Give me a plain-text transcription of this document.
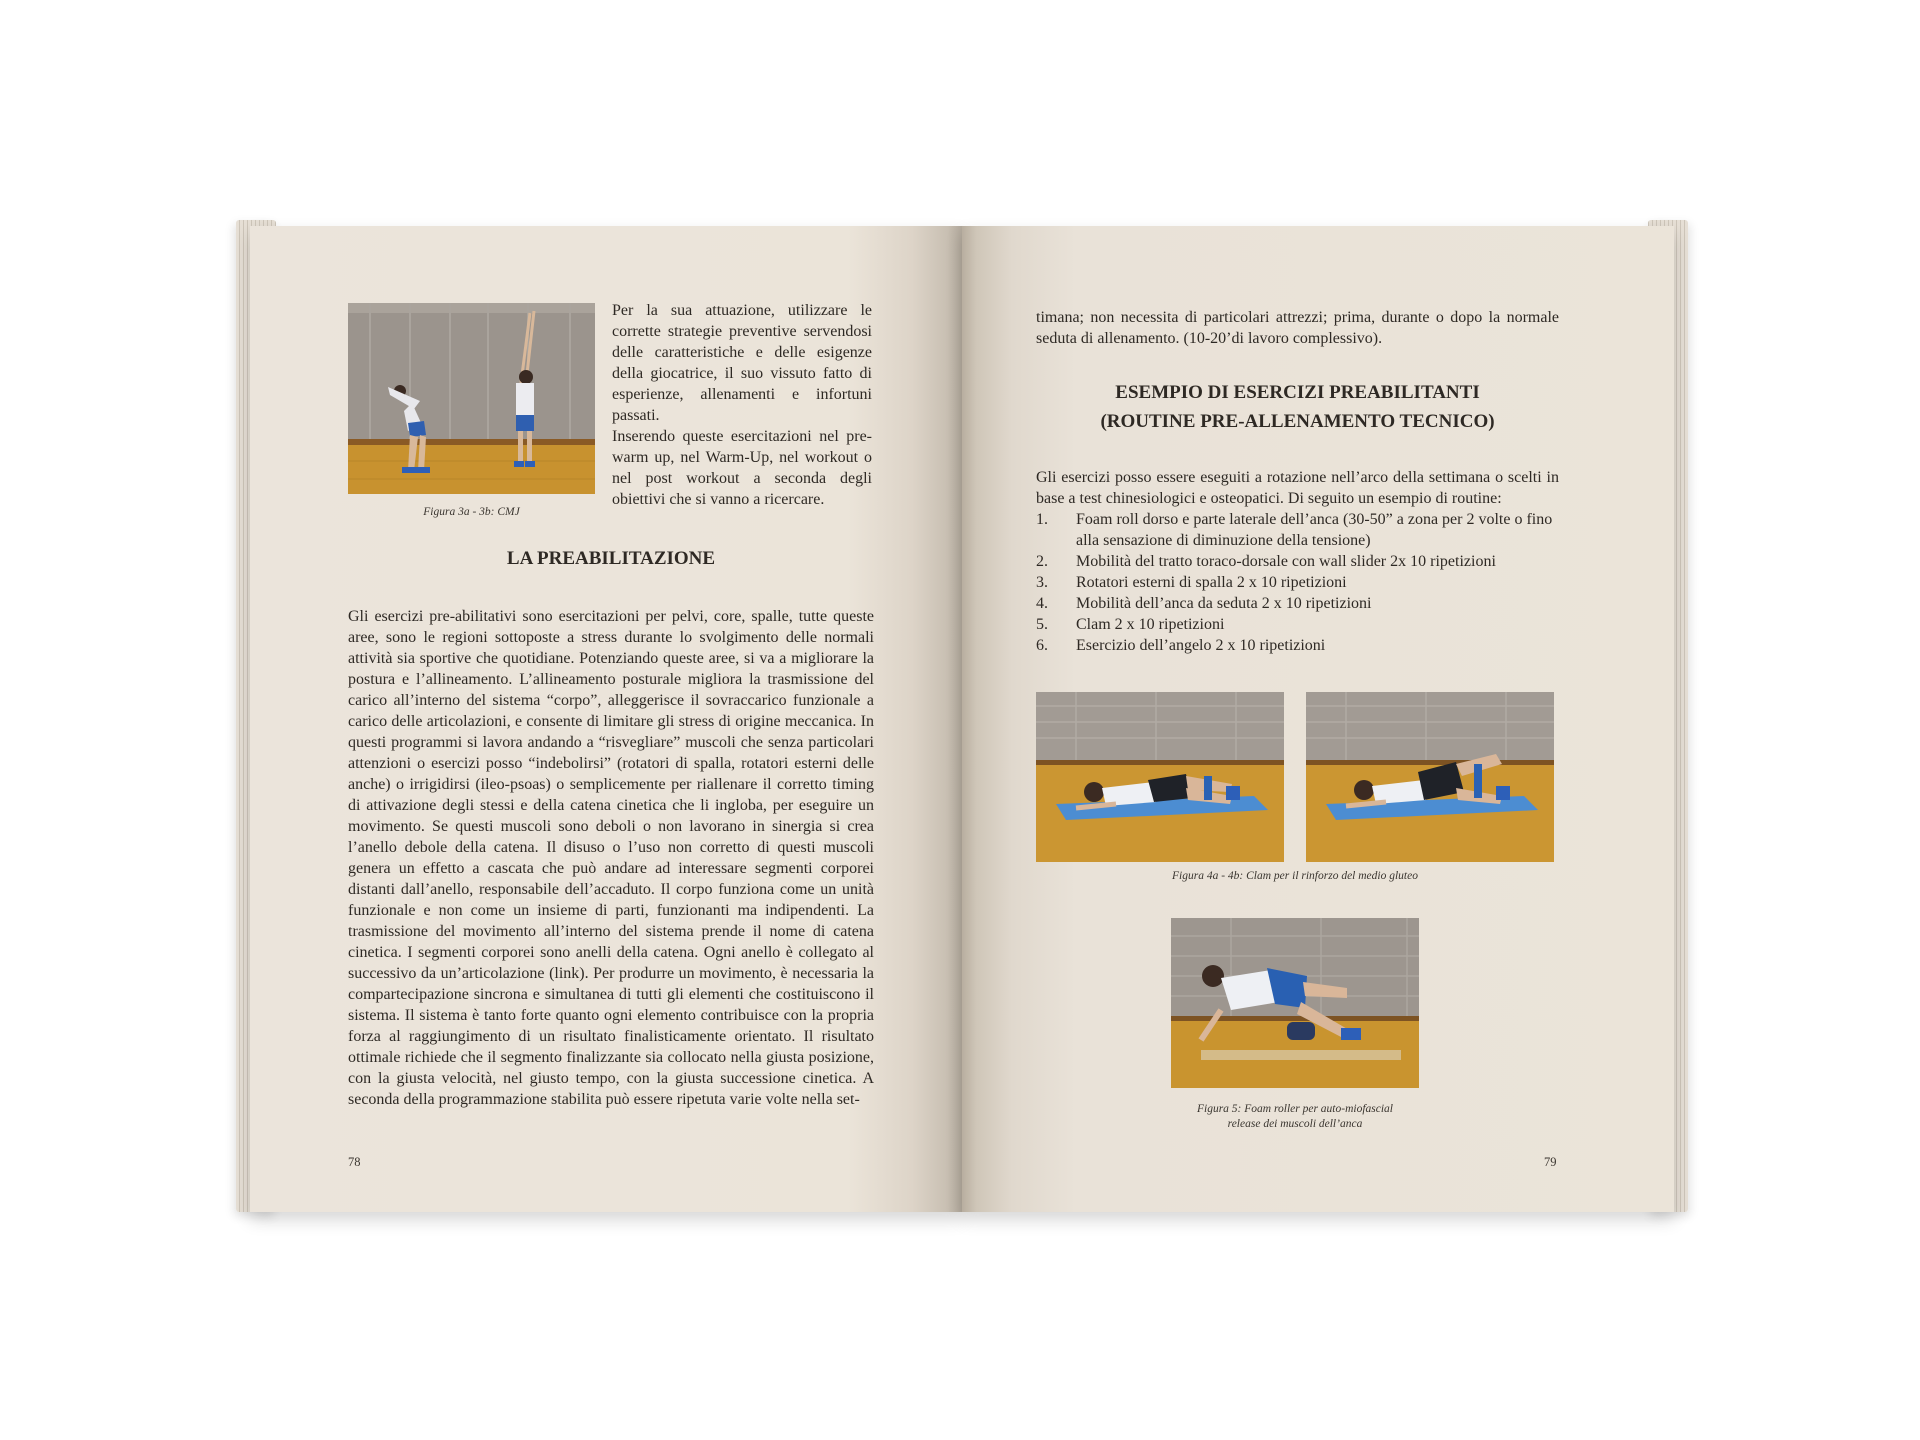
Figura 3a - 3b: CMJ
Per la sua attuazione, utilizzare le corrette strategie preventive servendosi delle caratteristiche e delle esigenze della giocatrice, il suo vissuto fatto di esperienze, allenamenti e infortuni passati.
Inserendo queste esercitazioni nel pre-warm up, nel Warm-Up, nel workout o nel post workout a seconda degli obiettivi che si vanno a ricercare.
LA PREABILITAZIONE
Gli esercizi pre-abilitativi sono esercitazioni per pelvi, core, spalle, tutte queste aree, sono le regioni sottoposte a stress durante lo svolgimento delle normali attività sia sportive che quotidiane. Potenziando queste aree, si va a migliorare la postura e l’allineamento. L’allineamento posturale migliora la trasmissione del carico all’interno del sistema “corpo”, alleggerisce il sovraccarico funzionale a carico delle articolazioni, e consente di limitare gli stress di origine meccanica. In questi programmi si lavora andando a “risvegliare” muscoli che senza particolari attenzioni o esercizi posso “indebolirsi” (rotatori di spalla, rotatori esterni delle anche) o irrigidirsi (ileo-psoas) o semplicemente per riallenare il corretto timing di attivazione degli stessi e della catena cinetica che li ingloba, per eseguire un movimento. Se questi muscoli sono deboli o non lavorano in sinergia si crea l’anello debole della catena. Il disuso o l’uso non corretto di questi muscoli genera un effetto a cascata che può andare ad interessare segmenti corporei distanti dall’anello, responsabile dell’accaduto. Il corpo funziona come un unità funzionale e non come un insieme di parti, funzionanti ma indipendenti. La trasmissione del movimento all’interno del sistema prende il nome di catena cinetica. I segmenti corporei sono anelli della catena. Ogni anello è collegato al successivo da un’articolazione (link). Per produrre un movimento, è necessaria la compartecipazione sincrona e simultanea di tutti gli elementi che costituiscono il sistema. Il sistema è tanto forte quanto ogni elemento contribuisce con la propria forza al raggiungimento di un risultato finalisticamente orientato. Il risultato ottimale richiede che il segmento finalizzante sia collocato nella giusta posizione, con la giusta velocità, nel giusto tempo, con la giusta successione cinetica. A seconda della programmazione stabilita può essere ripetuta varie volte nella set-
78
timana; non necessita di particolari attrezzi; prima, durante o dopo la normale seduta di allenamento. (10-20’di lavoro complessivo).
ESEMPIO DI ESERCIZI PREABILITANTI
(ROUTINE PRE-ALLENAMENTO TECNICO)
Gli esercizi posso essere eseguiti a rotazione nell’arco della settimana o scelti in base a test chinesiologici e osteopatici. Di seguito un esempio di routine:
1. Foam roll dorso e parte laterale dell’anca (30-50” a zona per 2 volte o fino alla sensazione di diminuzione della tensione)
2. Mobilità del tratto toraco-dorsale con wall slider 2x 10 ripetizioni
3. Rotatori esterni di spalla 2 x 10 ripetizioni
4. Mobilità dell’anca da seduta 2 x 10 ripetizioni
5. Clam 2 x 10 ripetizioni
6. Esercizio dell’angelo 2 x 10 ripetizioni
Figura 4a - 4b: Clam per il rinforzo del medio gluteo
Figura 5: Foam roller per auto-miofascial
release dei muscoli dell’anca
79
